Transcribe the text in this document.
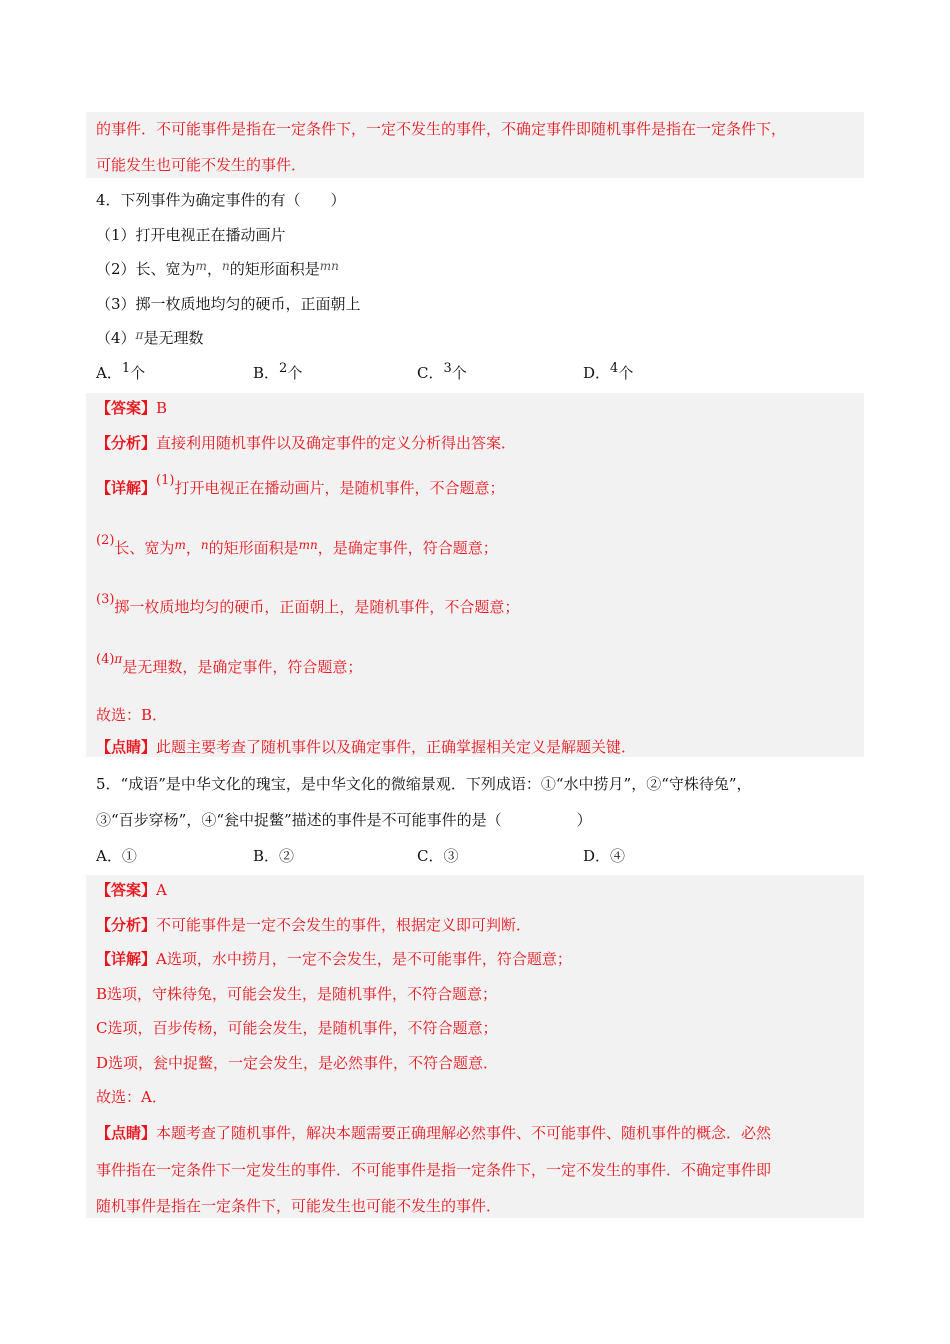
的事件．不可能事件是指在一定条件下，一定不发生的事件，不确定事件即随机事件是指在一定条件下，
可能发生也可能不发生的事件．
4．下列事件为确定事件的有（　　）
（1）打开电视正在播动画片
（2）长、宽为$^m$，$^n$的矩形面积是$^{mn}$
（3）掷一枚质地均匀的硬币，正面朝上
$(4)^\pi$是无理数
A．1个	B．2个	C．3个	D．4个
【答案】B
【分析】直接利用随机事件以及确定事件的定义分析得出答案．
【详解】(1)打开电视正在播动画片，是随机事件，不合题意；
(2)长、宽为$^m$，$^n$的矩形面积是$^{mn}$，是确定事件，符合题意；
(3)掷一枚质地均匀的硬币，正面朝上，是随机事件，不合题意；
$(4)^\pi$是无理数，是确定事件，符合题意；
故选：B．
【点睛】此题主要考查了随机事件以及确定事件，正确掌握相关定义是解题关键．
5．“成语”是中华文化的瑰宝，是中华文化的微缩景观．下列成语：①“水中捞月”，②“守株待兔”，
③“百步穿杨”，④“瓮中捉鳖”描述的事件是不可能事件的是（　　　　　）
A．①	B．②	C．③	D．④
【答案】A
【分析】不可能事件是一定不会发生的事件，根据定义即可判断．
【详解】A选项，水中捞月，一定不会发生，是不可能事件，符合题意；
B选项，守株待兔，可能会发生，是随机事件，不符合题意；
C选项，百步传杨，可能会发生，是随机事件，不符合题意；
D选项，瓮中捉鳖，一定会发生，是必然事件，不符合题意．
故选：A．
【点睛】本题考查了随机事件，解决本题需要正确理解必然事件、不可能事件、随机事件的概念．必然
事件指在一定条件下一定发生的事件．不可能事件是指一定条件下，一定不发生的事件．不确定事件即
随机事件是指在一定条件下，可能发生也可能不发生的事件．
